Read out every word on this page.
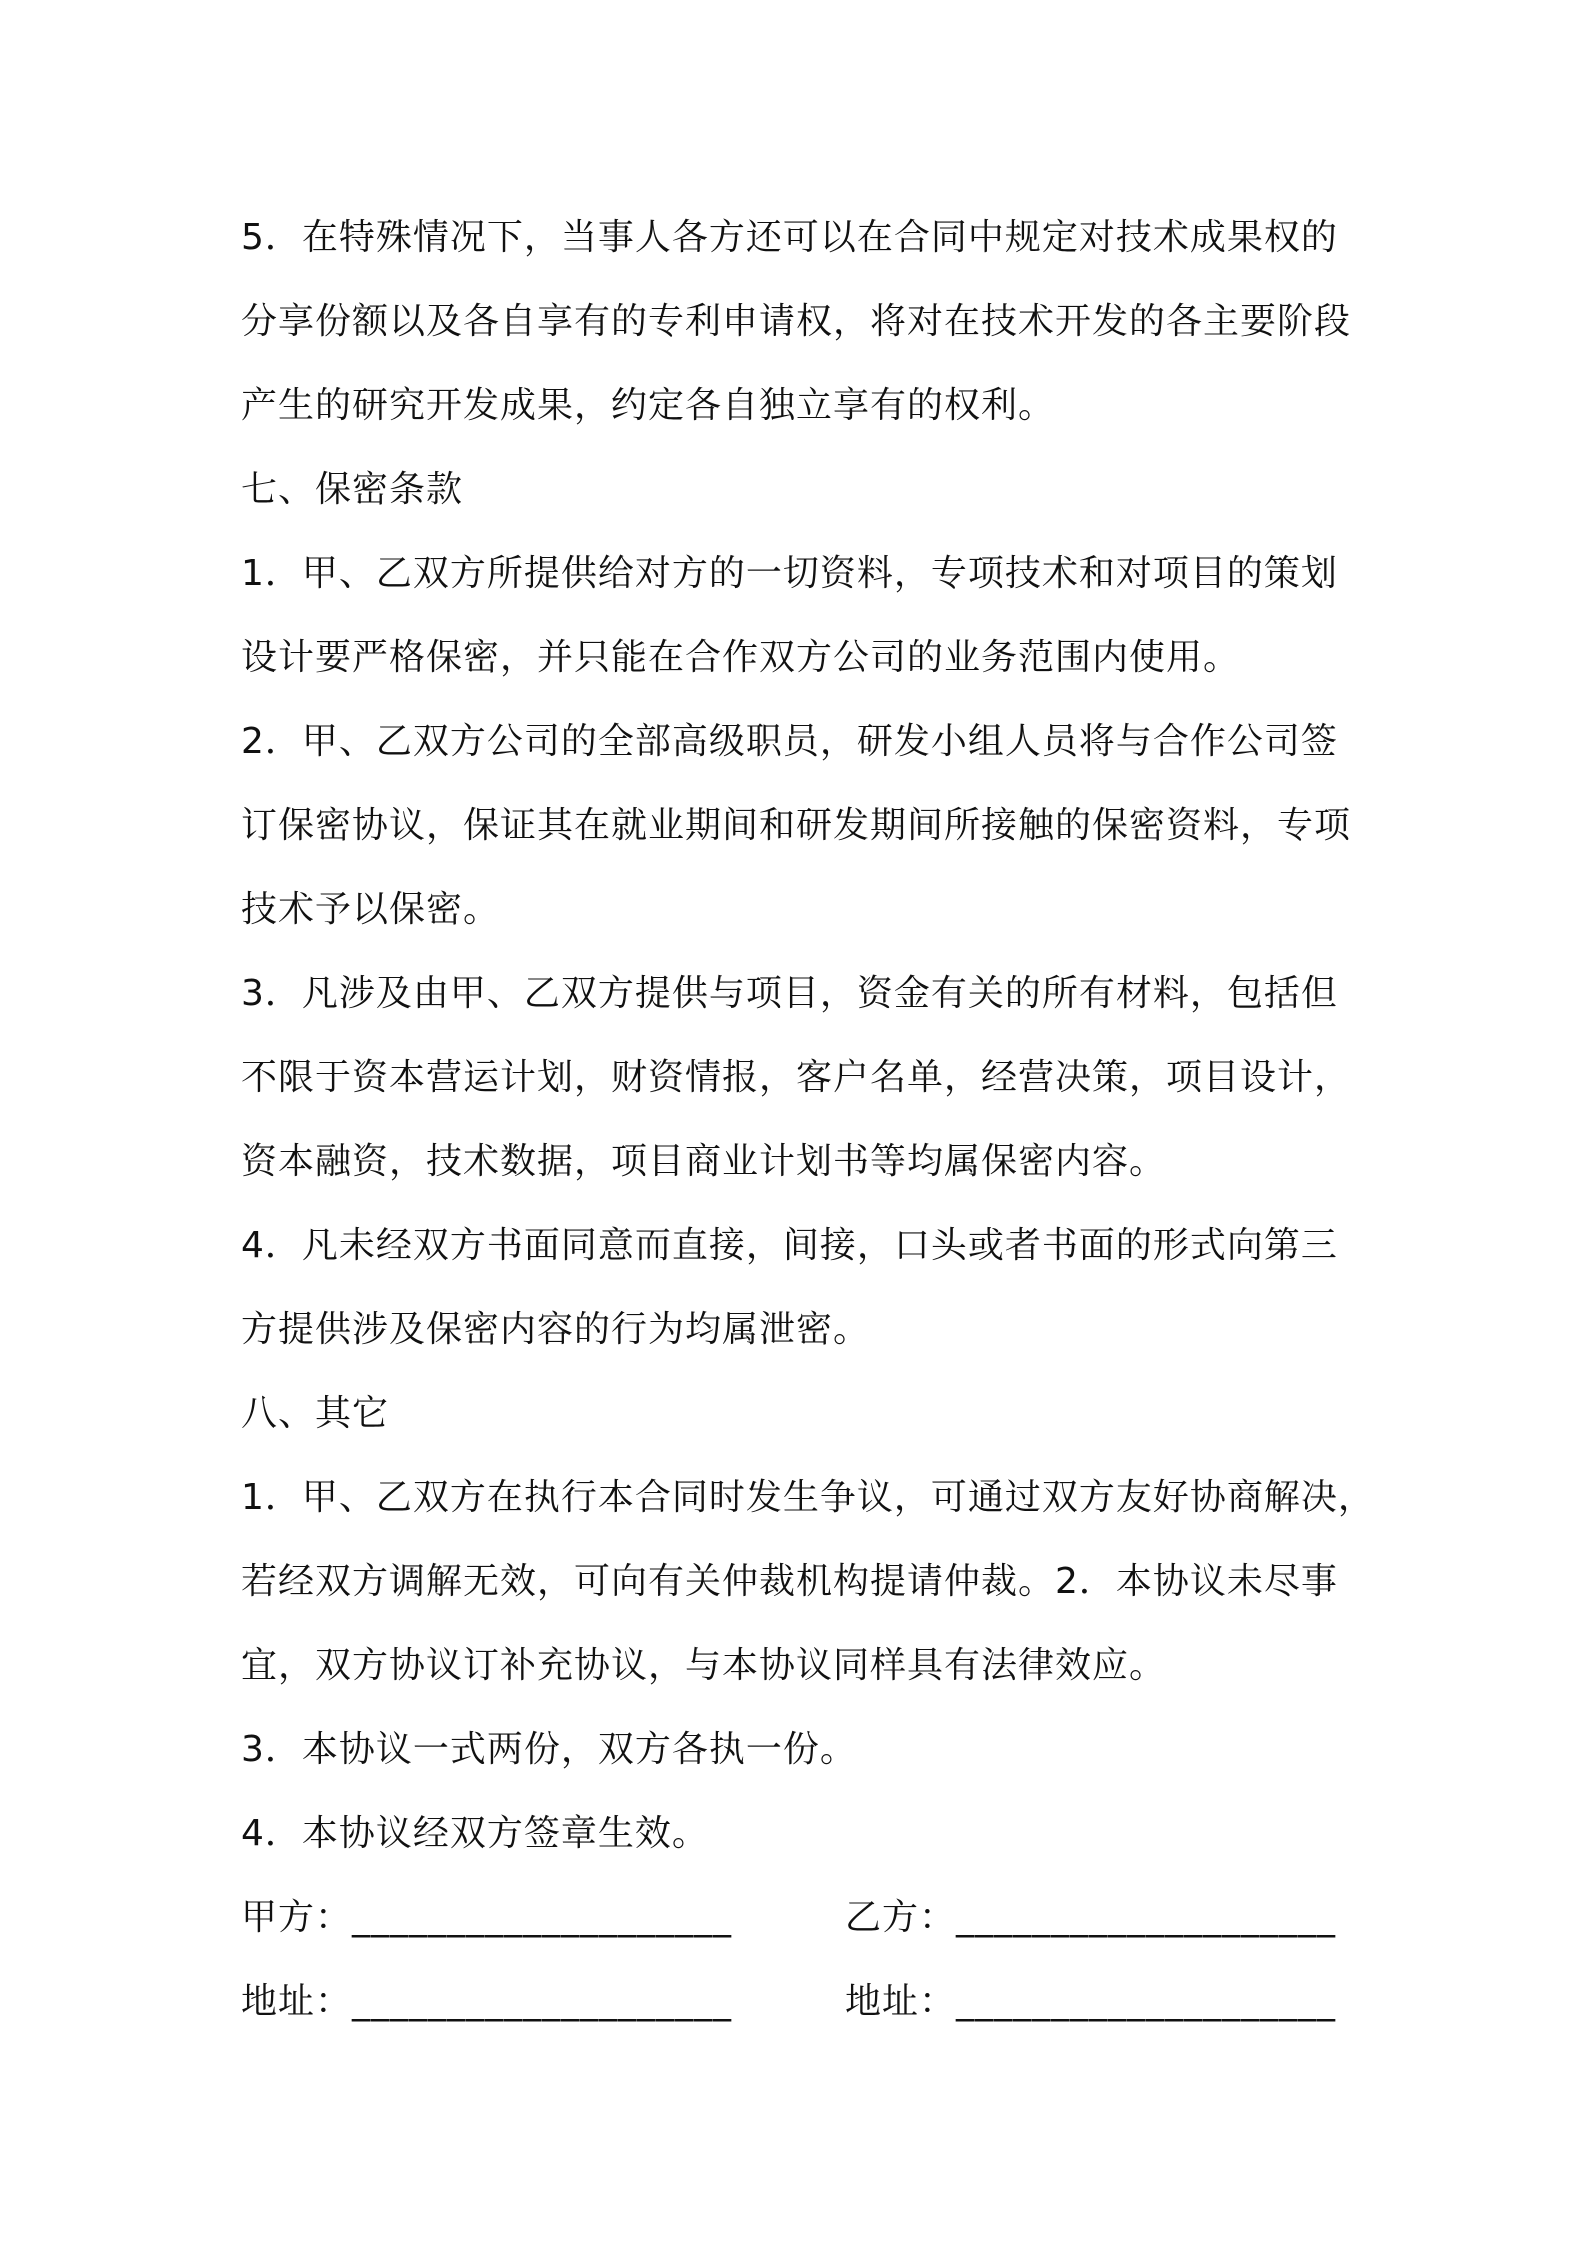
5．在特殊情况下，当事人各方还可以在合同中规定对技术成果权的
分享份额以及各自享有的专利申请权，将对在技术开发的各主要阶段
产生的研究开发成果，约定各自独立享有的权利。
七、保密条款
1．甲、乙双方所提供给对方的一切资料，专项技术和对项目的策划
设计要严格保密，并只能在合作双方公司的业务范围内使用。
2．甲、乙双方公司的全部高级职员，研发小组人员将与合作公司签
订保密协议，保证其在就业期间和研发期间所接触的保密资料，专项
技术予以保密。
3．凡涉及由甲、乙双方提供与项目，资金有关的所有材料，包括但
不限于资本营运计划，财资情报，客户名单，经营决策，项目设计，
资本融资，技术数据，项目商业计划书等均属保密内容。
4．凡未经双方书面同意而直接，间接，口头或者书面的形式向第三
方提供涉及保密内容的行为均属泄密。
八、其它
1．甲、乙双方在执行本合同时发生争议，可通过双方友好协商解决，
若经双方调解无效，可向有关仲裁机构提请仲裁。2．本协议未尽事
宜，双方协议订补充协议，与本协议同样具有法律效应。
3．本协议一式两份，双方各执一份。
4．本协议经双方签章生效。
甲方：____________________	乙方：____________________
地址：____________________	地址：____________________
